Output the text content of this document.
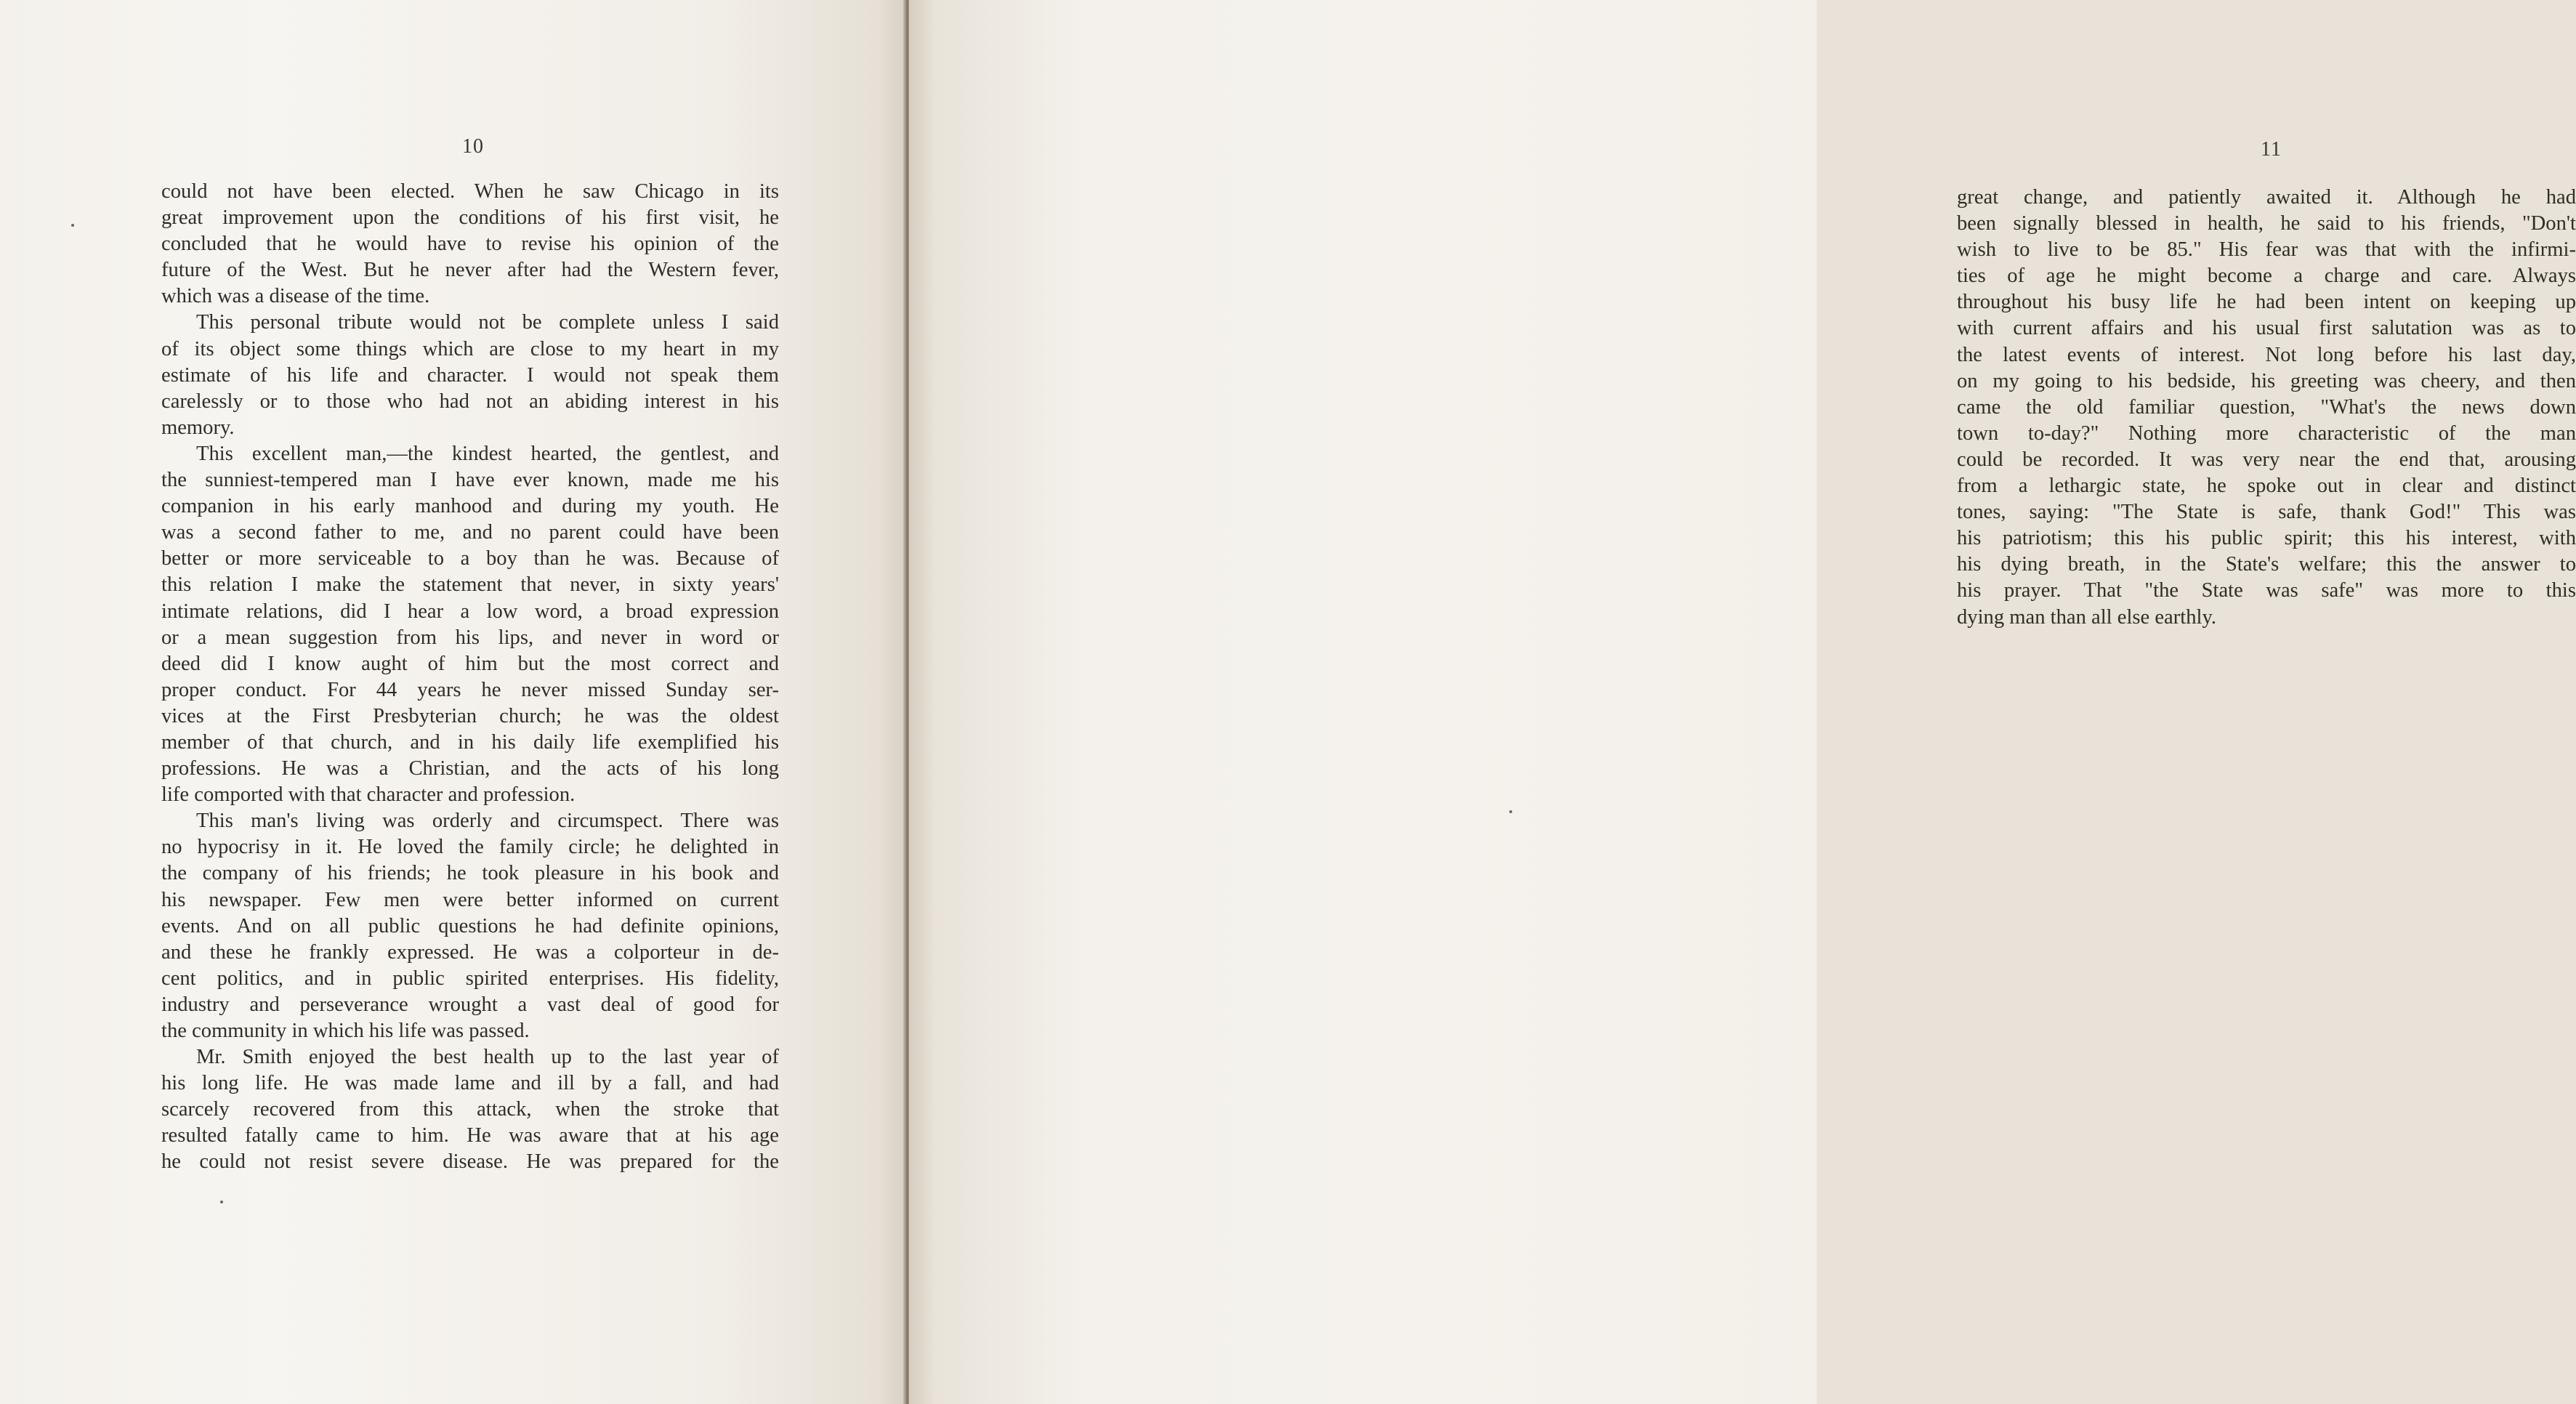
10
could not have been elected. When he saw Chicago in its
great improvement upon the conditions of his first visit, he
concluded that he would have to revise his opinion of the
future of the West. But he never after had the Western fever,
which was a disease of the time.
This personal tribute would not be complete unless I said
of its object some things which are close to my heart in my
estimate of his life and character. I would not speak them
carelessly or to those who had not an abiding interest in his
memory.
This excellent man,—the kindest hearted, the gentlest, and
the sunniest-tempered man I have ever known, made me his
companion in his early manhood and during my youth. He
was a second father to me, and no parent could have been
better or more serviceable to a boy than he was. Because of
this relation I make the statement that never, in sixty years'
intimate relations, did I hear a low word, a broad expression
or a mean suggestion from his lips, and never in word or
deed did I know aught of him but the most correct and
proper conduct. For 44 years he never missed Sunday ser-
vices at the First Presbyterian church; he was the oldest
member of that church, and in his daily life exemplified his
professions. He was a Christian, and the acts of his long
life comported with that character and profession.
This man's living was orderly and circumspect. There was
no hypocrisy in it. He loved the family circle; he delighted in
the company of his friends; he took pleasure in his book and
his newspaper. Few men were better informed on current
events. And on all public questions he had definite opinions,
and these he frankly expressed. He was a colporteur in de-
cent politics, and in public spirited enterprises. His fidelity,
industry and perseverance wrought a vast deal of good for
the community in which his life was passed.
Mr. Smith enjoyed the best health up to the last year of
his long life. He was made lame and ill by a fall, and had
scarcely recovered from this attack, when the stroke that
resulted fatally came to him. He was aware that at his age
he could not resist severe disease. He was prepared for the
11
great change, and patiently awaited it. Although he had
been signally blessed in health, he said to his friends, "Don't
wish to live to be 85." His fear was that with the infirmi-
ties of age he might become a charge and care. Always
throughout his busy life he had been intent on keeping up
with current affairs and his usual first salutation was as to
the latest events of interest. Not long before his last day,
on my going to his bedside, his greeting was cheery, and then
came the old familiar question, "What's the news down
town to-day?" Nothing more characteristic of the man
could be recorded. It was very near the end that, arousing
from a lethargic state, he spoke out in clear and distinct
tones, saying: "The State is safe, thank God!" This was
his patriotism; this his public spirit; this his interest, with
his dying breath, in the State's welfare; this the answer to
his prayer. That "the State was safe" was more to this
dying man than all else earthly.
